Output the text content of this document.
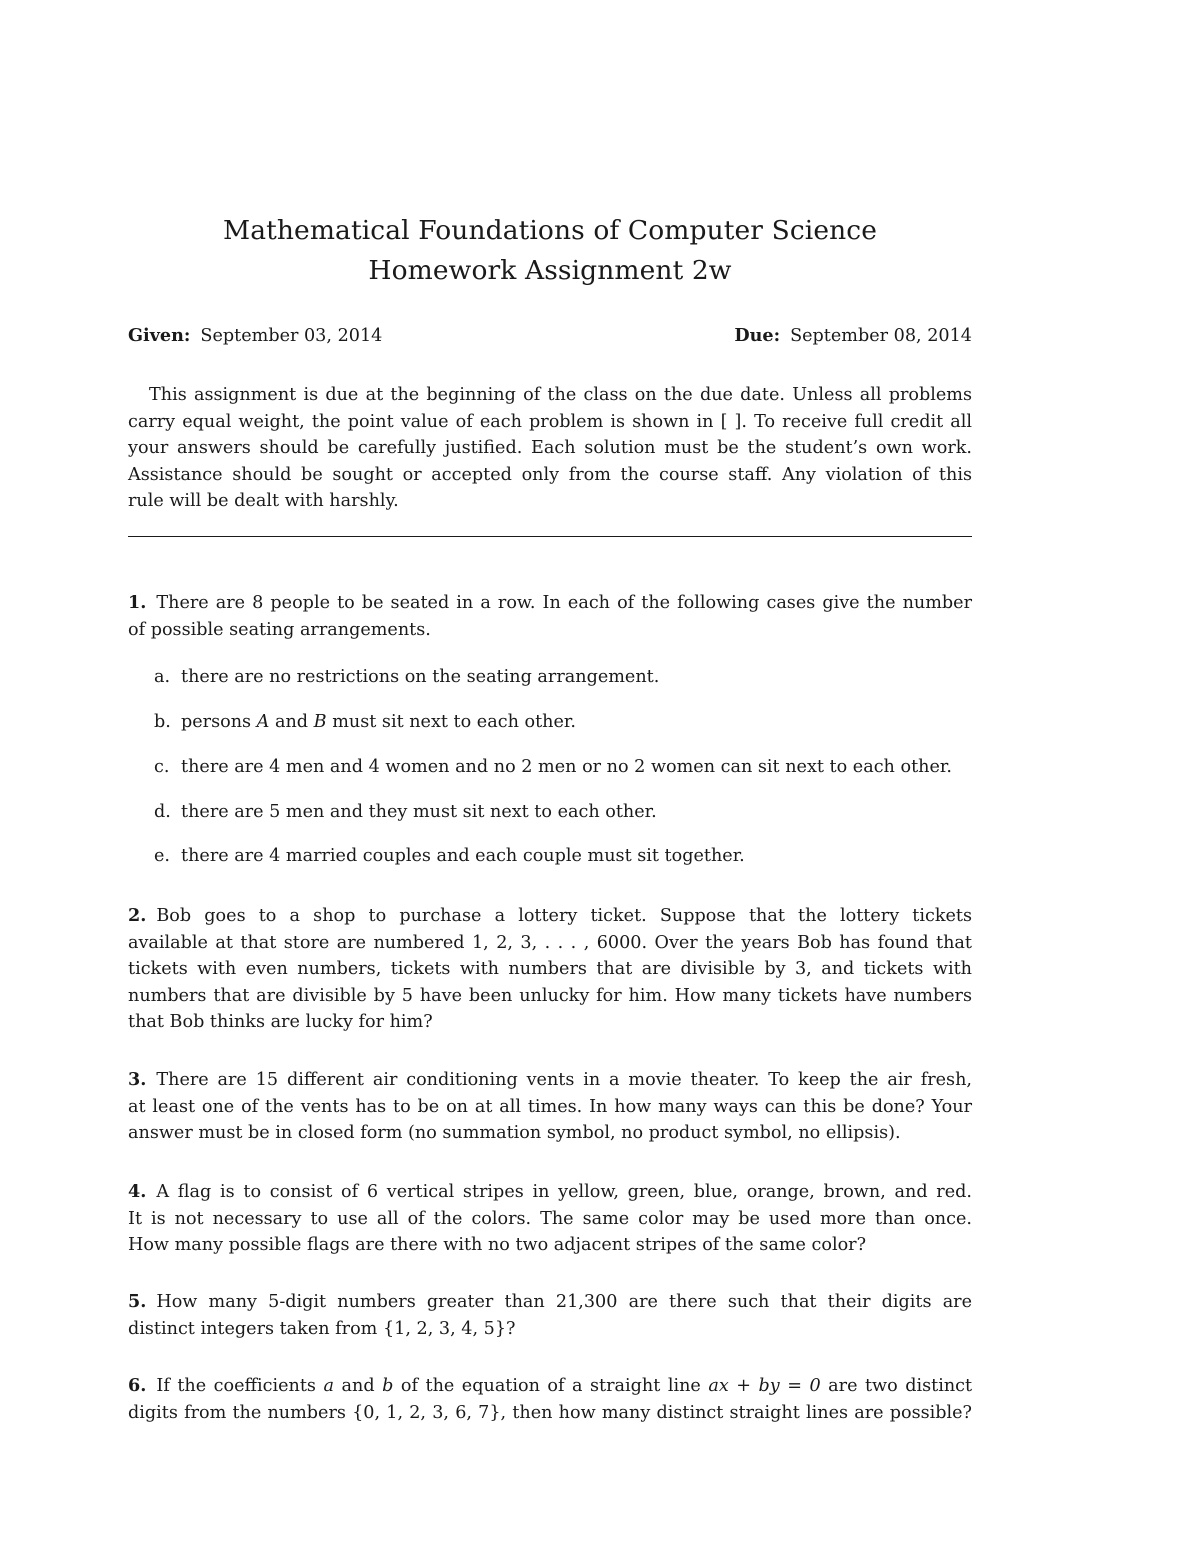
Mathematical Foundations of Computer Science
Homework Assignment 2w
Given: September 03, 2014	Due: September 08, 2014

This assignment is due at the beginning of the class on the due date. Unless all problems

carry equal weight, the point value of each problem is shown in [ ]. To receive full credit all

your answers should be carefully justified. Each solution must be the student’s own work.

Assistance should be sought or accepted only from the course staff. Any violation of this

rule will be dealt with harshly.

1. There are 8 people to be seated in a row. In each of the following cases give the number

of possible seating arrangements.

a. there are no restrictions on the seating arrangement.
b. persons A and B must sit next to each other.
c. there are 4 men and 4 women and no 2 men or no 2 women can sit next to each other.
d. there are 5 men and they must sit next to each other.
e. there are 4 married couples and each couple must sit together.

2. Bob goes to a shop to purchase a lottery ticket. Suppose that the lottery tickets

available at that store are numbered 1, 2, 3, . . . , 6000. Over the years Bob has found that

tickets with even numbers, tickets with numbers that are divisible by 3, and tickets with

numbers that are divisible by 5 have been unlucky for him. How many tickets have numbers

that Bob thinks are lucky for him?

3. There are 15 different air conditioning vents in a movie theater. To keep the air fresh,

at least one of the vents has to be on at all times. In how many ways can this be done? Your

answer must be in closed form (no summation symbol, no product symbol, no ellipsis).

4. A flag is to consist of 6 vertical stripes in yellow, green, blue, orange, brown, and red.

It is not necessary to use all of the colors. The same color may be used more than once.

How many possible flags are there with no two adjacent stripes of the same color?

5. How many 5-digit numbers greater than 21,300 are there such that their digits are

distinct integers taken from {1, 2, 3, 4, 5}?

6. If the coefficients a and b of the equation of a straight line ax + by = 0 are two distinct

digits from the numbers {0, 1, 2, 3, 6, 7}, then how many distinct straight lines are possible?
